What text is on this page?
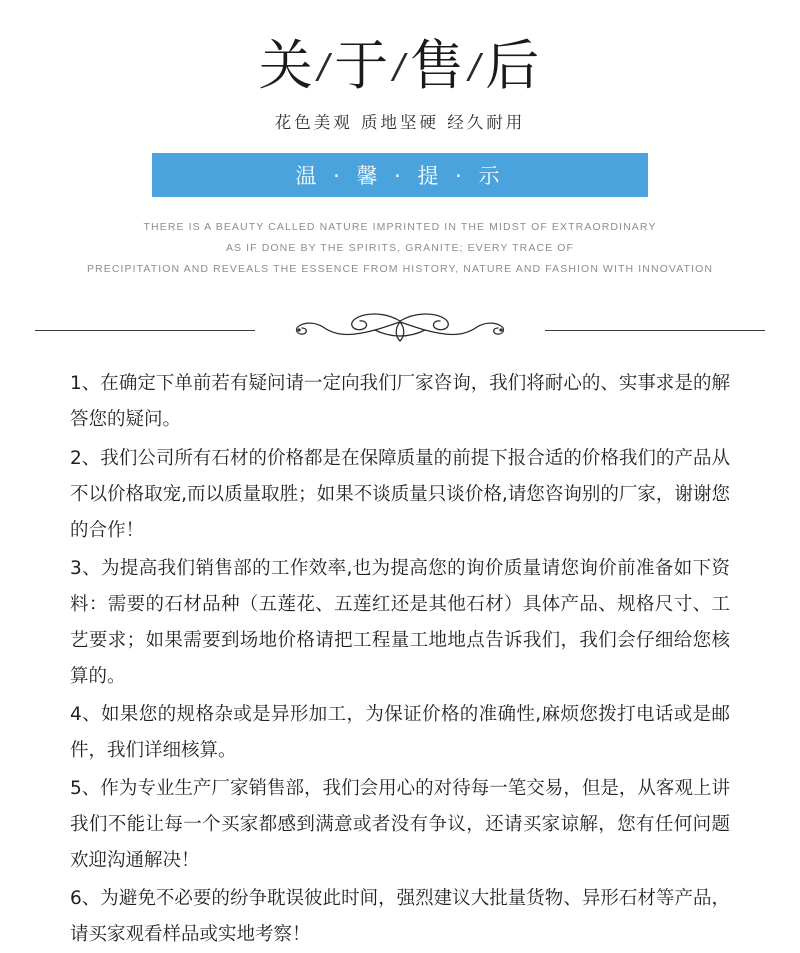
关/于/售/后
花色美观 质地坚硬 经久耐用
温 · 馨 · 提 · 示
THERE IS A BEAUTY CALLED NATURE IMPRINTED IN THE MIDST OF EXTRAORDINARY
AS IF DONE BY THE SPIRITS, GRANITE; EVERY TRACE OF
PRECIPITATION AND REVEALS THE ESSENCE FROM HISTORY, NATURE AND FASHION WITH INNOVATION

1、在确定下单前若有疑问请一定向我们厂家咨询，我们将耐心的、实事求是的解答您的疑问。

2、我们公司所有石材的价格都是在保障质量的前提下报合适的价格我们的产品从不以价格取宠,而以质量取胜；如果不谈质量只谈价格,请您咨询别的厂家，谢谢您的合作！

3、为提高我们销售部的工作效率,也为提高您的询价质量请您询价前准备如下资料：需要的石材品种（五莲花、五莲红还是其他石材）具体产品、规格尺寸、工艺要求；如果需要到场地价格请把工程量工地地点告诉我们，我们会仔细给您核算的。

4、如果您的规格杂或是异形加工，为保证价格的准确性,麻烦您拨打电话或是邮件，我们详细核算。

5、作为专业生产厂家销售部，我们会用心的对待每一笔交易，但是，从客观上讲我们不能让每一个买家都感到满意或者没有争议，还请买家谅解，您有任何问题欢迎沟通解决！

6、为避免不必要的纷争耽误彼此时间，强烈建议大批量货物、异形石材等产品，请买家观看样品或实地考察！
